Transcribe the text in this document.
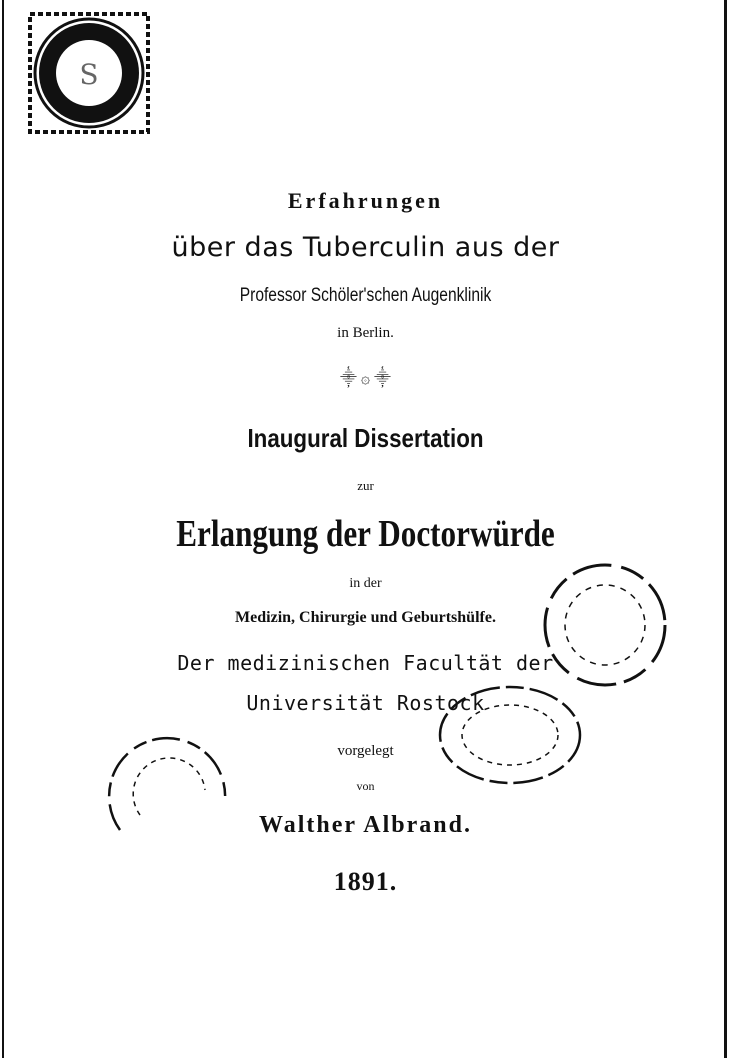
S
Erfahrungen
über das Tuberculin aus der
Professor Schöler'schen Augenklinik
in Berlin.
⸎ ۞ ⸎
Inaugural Dissertation
zur
Erlangung der Doctorwürde
in der
Medizin, Chirurgie und Geburtshülfe.
Der medizinischen Facultät der
Universität Rostock
vorgelegt
von
Walther Albrand.
1891.
